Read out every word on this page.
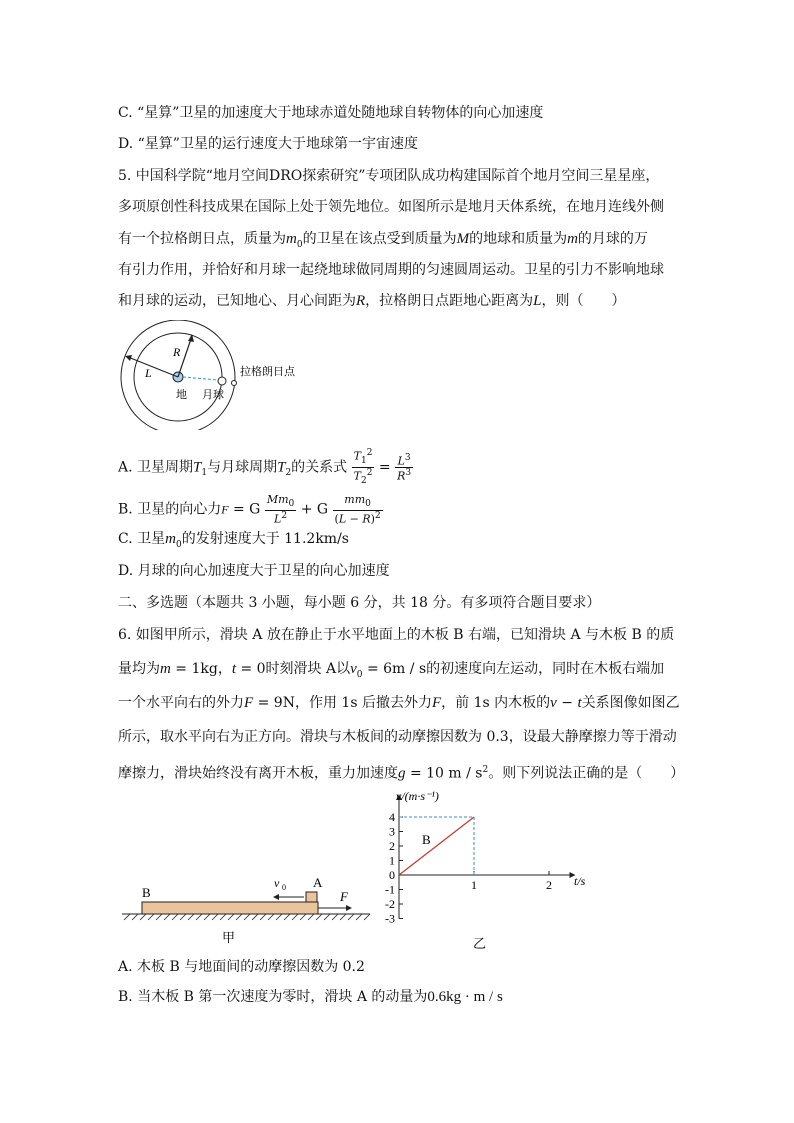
C. “星算”卫星的加速度大于地球赤道处随地球自转物体的向心加速度
D. “星算”卫星的运行速度大于地球第一宇宙速度
5. 中国科学院“地月空间DRO探索研究”专项团队成功构建国际首个地月空间三星星座，
多项原创性科技成果在国际上处于领先地位。如图所示是地月天体系统，在地月连线外侧
有一个拉格朗日点，质量为$m_0$的卫星在该点受到质量为M的地球和质量为m的月球的万
有引力作用，并恰好和月球一起绕地球做同周期的匀速圆周运动。卫星的引力不影响地球
和月球的运动，已知地心、月心间距为R，拉格朗日点距地心距离为L，则（　　）
R
L
地 月球
拉格朗日点
A. 卫星周期$T_1$与月球周期$T_2$的关系式 $\frac{T_1^2}{T_2^2} = \frac{L^3}{R^3}$
B. 卫星的向心力F = G $\frac{Mm_0}{L^2} + G \frac{mm_0}{(L - R)^2}$
C. 卫星$m_0$的发射速度大于 11.2km/s
D. 月球的向心加速度大于卫星的向心加速度
二、多选题（本题共 3 小题，每小题 6 分，共 18 分。有多项符合题目要求）
6. 如图甲所示，滑块 A 放在静止于水平地面上的木板 B 右端，已知滑块 A 与木板 B 的质
量均为m = 1kg，t = 0时刻滑块 A以$v_0 = 6m / s$的初速度向左运动，同时在木板右端加
一个水平向右的外力F = 9N，作用 1s 后撤去外力F，前 1s 内木板的v − t关系图像如图乙
所示，取水平向右为正方向。滑块与木板间的动摩擦因数为 0.3，设最大静摩擦力等于滑动
摩擦力，滑块始终没有离开木板，重力加速度g = 10 m / $s^2$。则下列说法正确的是（　　）
B
A
v 0
F
甲
4
3
2
1
0
-1
-2
-3
1	2
v/(m·s⁻¹)
t/s
B
乙
A. 木板 B 与地面间的动摩擦因数为 0.2
B. 当木板 B 第一次速度为零时，滑块 A 的动量为0.6kg · m / s
